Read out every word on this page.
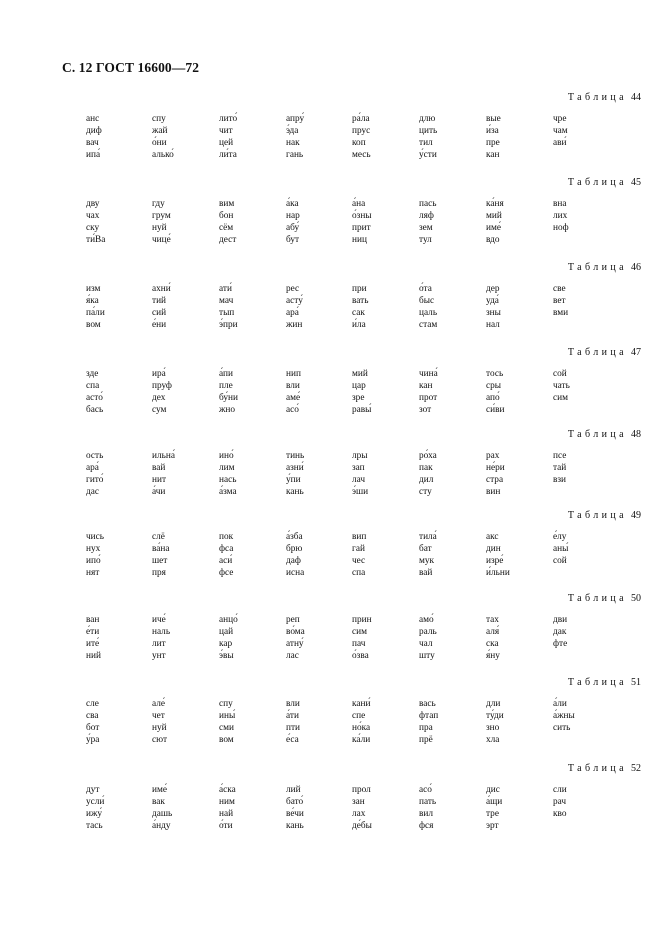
С. 12 ГОСТ 16600—72
Таблица 44
анс
диф
вач
ипа́
спу
жай
о́ни
алько́
лито́
чит
цей
ли́та
апру́
э́да
нак
гань
ра́ла
прус
коп
месь
длю
цить
тил
у́сти
вые
и́за
пре
кан
чре
чам
ави́
Таблица 45
дву
чах
ску
ти́Ва
гду
грум
нуй
чице́
вим
бон
сём
дест
а́ка
нар
абу́
бут
а́на
о́зны
прит
ниц
пась
ляф
зем
тул
ка́ня
мий
име́
вдо
вна
лих
ноф
Таблица 46
изм
я́ка
па́ли
вом
ахни́
тий
сий
е́ни
ати́
мач
тып
э́при
рес
асту́
ара́
жин
при
вать
сак
и́ла
о́та
быс
цаль
стам
дер
уда́
зны
нал
све
вет
вми
Таблица 47
зде
спа
асто́
бась
ира́
пруф
дех
сум
а́пи
пле
бу́ни
жно
нип
вли
аме́
асо́
мий
цар
зре
равы́
чина́
кан
прот
зот
тось
сры
апо́
си́ви
сой
чать
сим
Таблица 48
ость
ара́
гито́
дас
ильна́
вай
нит
а́чи
ино́
лим
нась
а́зма
тинь
азни́
у́пи
кань
лры
зап
лач
э́ши
ро́ха
пак
дил
сту
рах
не́ри
стра
вин
псе
тай
взи
Таблица 49
чись
нух
ипо́
нят
слё
ва́на
шет
пря
пок
фса
аси́
фсе
а́зба
брю
даф
исна
вип
гай
чес
спа
тила́
бат
мук
вай
акс
дин
изре́
и́льни
е́лу
аны́
сой
Таблица 50
ван
е́ти
ите́
ний
иче́
наль
лит
унт
анцо́
цай
кар
э́вы
реп
во́ма
атну́
лас
прин
сим
пач
о́зва
амо́
раль
чал
шту
тах
аля́
ска
я́ну
дви
дак
фте
Таблица 51
сле
сва
бот
у́ра
але́
чет
нуй
сют
спу
ины́
сми
вом
вли
а́ти
пти
е́са
кани́
спе
но́ка
ка́ли
вась
фтап
пра
прё
дли
ту́ди
зно
хла
а́ли
а́жны
сить
Таблица 52
дут
усли́
ижу́
тась
име́
вак
дашь
а́нду
а́ска
ним
най
о́ти
лий
бато́
ве́чи
кань
прол
зан
лах
де́бы
асо́
пать
вил
фся
дис
а́щи
тре
эрт
сли
рач
кво
